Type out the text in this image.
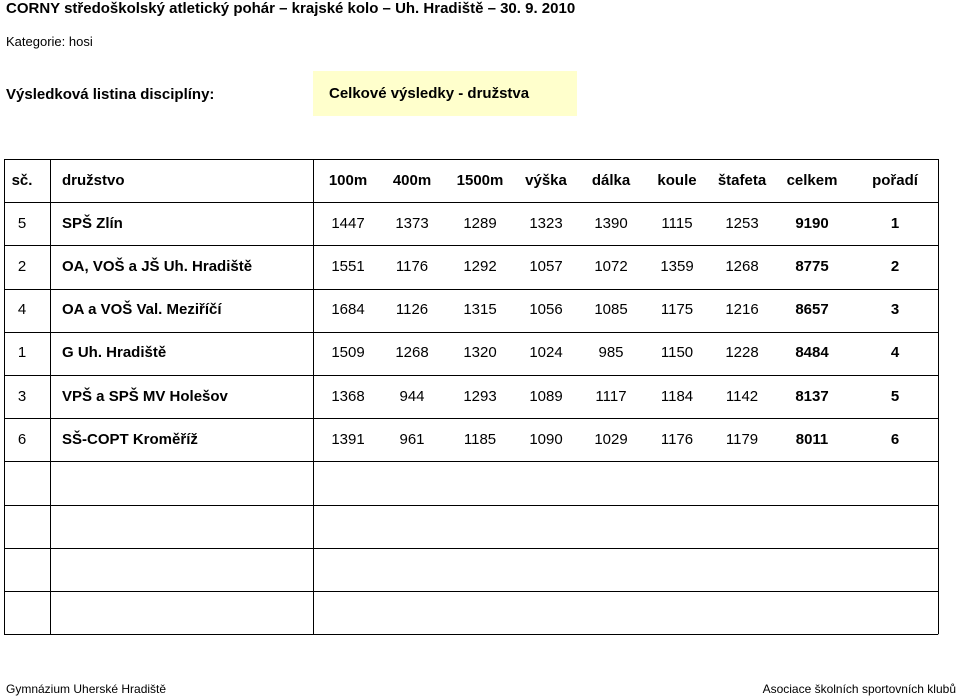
CORNY středoškolský atletický pohár – krajské kolo – Uh. Hradiště – 30. 9. 2010
Kategorie: hosi
Výsledková listina disciplíny:	Celkové výsledky - družstva
sč. družstvo	100m 400m 1500m výška dálka koule štafeta celkem pořadí
5 SPŠ Zlín	1447 1373 1289 1323 1390 1115 1253 9190	1
2 OA, VOŠ a JŠ Uh. Hradiště	1551 1176 1292 1057 1072 1359 1268 8775	2
4 OA a VOŠ Val. Meziříčí	1684 1126 1315 1056 1085 1175 1216 8657	3
1 G Uh. Hradiště	1509 1268 1320 1024 985 1150 1228 8484	4
3 VPŠ a SPŠ MV Holešov	1368 944	1293 1089 1117 1184 1142 8137	5
6 SŠ-COPT Kroměříž	1391 961	1185 1090 1029 1176 1179	8011	6
Gymnázium Uherské Hradiště	Asociace školních sportovních klubů
